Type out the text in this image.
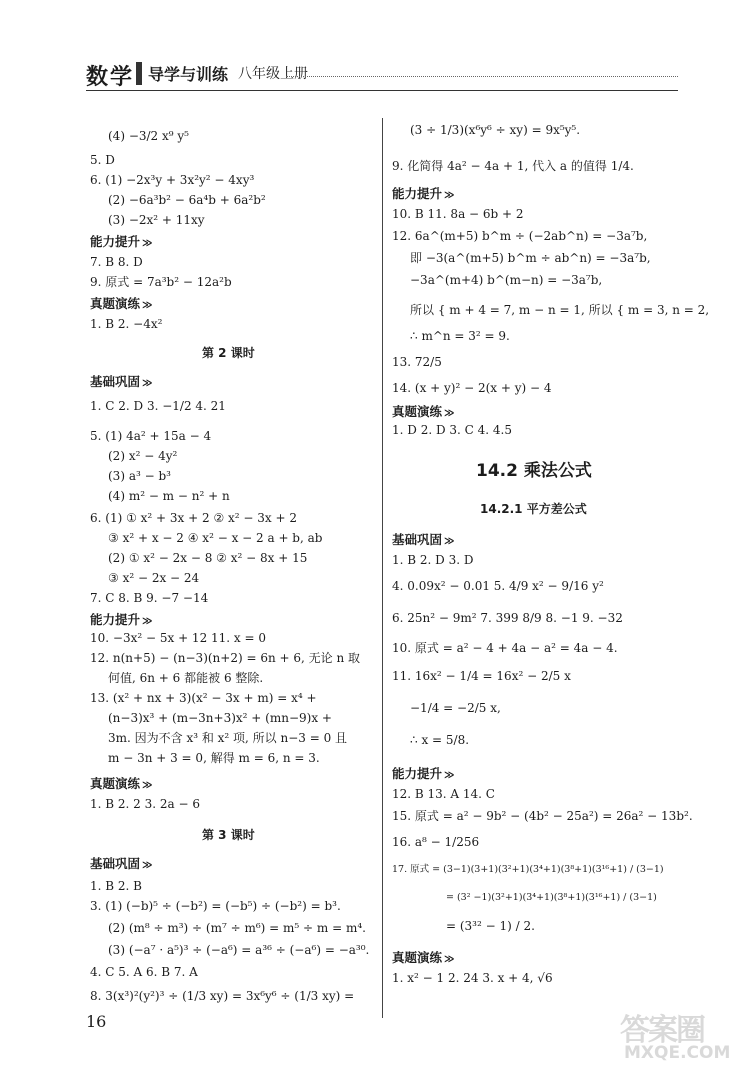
数学 导学与训练 八年级上册
(4) −3/2 x⁹ y⁵
5. D
6. (1) −2x³y + 3x²y² − 4xy³
(2) −6a³b² − 6a⁴b + 6a²b²
(3) −2x² + 11xy
能力提升 ≫
7. B 8. D
9. 原式 = 7a³b² − 12a²b
真题演练 ≫
1. B 2. −4x²
第 2 课时
基础巩固 ≫
1. C 2. D 3. −1/2 4. 21
5. (1) 4a² + 15a − 4
(2) x² − 4y²
(3) a³ − b³
(4) m² − m − n² + n
6. (1) ① x² + 3x + 2 ② x² − 3x + 2
③ x² + x − 2 ④ x² − x − 2 a + b, ab
(2) ① x² − 2x − 8 ② x² − 8x + 15
③ x² − 2x − 24
7. C 8. B 9. −7 −14
能力提升 ≫
10. −3x² − 5x + 12 11. x = 0
12. n(n+5) − (n−3)(n+2) = 6n + 6, 无论 n 取
何值, 6n + 6 都能被 6 整除.
13. (x² + nx + 3)(x² − 3x + m) = x⁴ +
(n−3)x³ + (m−3n+3)x² + (mn−9)x +
3m. 因为不含 x³ 和 x² 项, 所以 n−3 = 0 且
m − 3n + 3 = 0, 解得 m = 6, n = 3.
真题演练 ≫
1. B 2. 2 3. 2a − 6
第 3 课时
基础巩固 ≫
1. B 2. B
3. (1) (−b)⁵ ÷ (−b²) = (−b⁵) ÷ (−b²) = b³.
(2) (m⁸ ÷ m³) ÷ (m⁷ ÷ m⁶) = m⁵ ÷ m = m⁴.
(3) (−a⁷ · a⁵)³ ÷ (−a⁶) = a³⁶ ÷ (−a⁶) = −a³⁰.
4. C 5. A 6. B 7. A
8. 3(x³)²(y²)³ ÷ (1/3 xy) = 3x⁶y⁶ ÷ (1/3 xy) =
(3 ÷ 1/3)(x⁶y⁶ ÷ xy) = 9x⁵y⁵.
9. 化简得 4a² − 4a + 1, 代入 a 的值得 1/4.
能力提升 ≫
10. B 11. 8a − 6b + 2
12. 6a^(m+5) b^m ÷ (−2ab^n) = −3a⁷b,
即 −3(a^(m+5) b^m ÷ ab^n) = −3a⁷b,
−3a^(m+4) b^(m−n) = −3a⁷b,
所以 { m + 4 = 7, m − n = 1, 所以 { m = 3, n = 2,
∴ m^n = 3² = 9.
13. 72/5
14. (x + y)² − 2(x + y) − 4
真题演练 ≫
1. D 2. D 3. C 4. 4.5
14.2 乘法公式
14.2.1 平方差公式
基础巩固 ≫
1. B 2. D 3. D
4. 0.09x² − 0.01 5. 4/9 x² − 9/16 y²
6. 25n² − 9m² 7. 399 8/9 8. −1 9. −32
10. 原式 = a² − 4 + 4a − a² = 4a − 4.
11. 16x² − 1/4 = 16x² − 2/5 x
−1/4 = −2/5 x,
∴ x = 5/8.
能力提升 ≫
12. B 13. A 14. C
15. 原式 = a² − 9b² − (4b² − 25a²) = 26a² − 13b².
16. a⁸ − 1/256
17. 原式 = (3−1)(3+1)(3²+1)(3⁴+1)(3⁸+1)(3¹⁶+1) / (3−1)
= (3² −1)(3²+1)(3⁴+1)(3⁸+1)(3¹⁶+1) / (3−1)
= (3³² − 1) / 2.
真题演练 ≫
1. x² − 1 2. 24 3. x + 4, √6
16	答案圈
MXQE.COM
